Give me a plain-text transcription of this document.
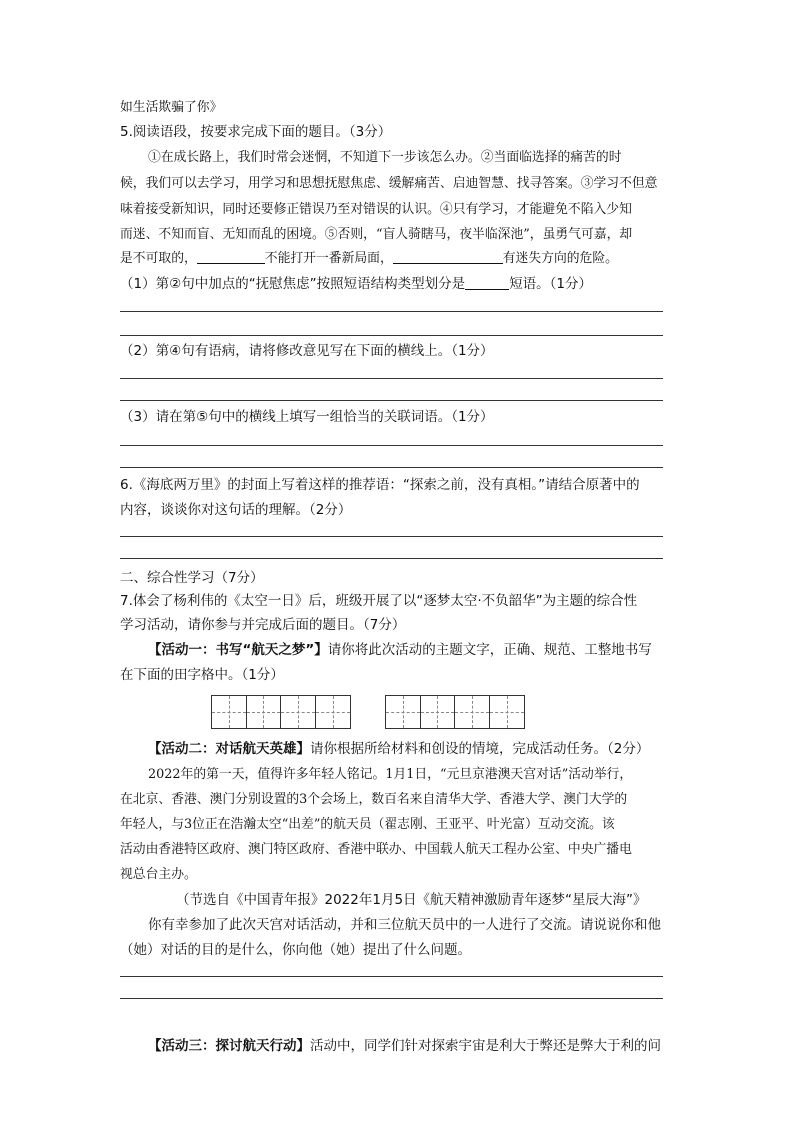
如生活欺骗了你》
5.阅读语段，按要求完成下面的题目。（3分）
①在成长路上，我们时常会迷惘，不知道下一步该怎么办。②当面临选择的痛苦的时
候，我们可以去学习，用学习和思想抚慰焦虑、缓解痛苦、启迪智慧、找寻答案。③学习不但意
味着接受新知识，同时还要修正错误乃至对错误的认识。④只有学习，才能避免不陷入少知
而迷、不知而盲、无知而乱的困境。⑤否则，“盲人骑瞎马，夜半临深池”，虽勇气可嘉，却
是不可取的，	不能打开一番新局面，	有迷失方向的危险。
（1）第②句中加点的“抚慰焦虑”按照短语结构类型划分是	短语。（1分）
（2）第④句有语病，请将修改意见写在下面的横线上。（1分）
（3）请在第⑤句中的横线上填写一组恰当的关联词语。（1分）
6.《海底两万里》的封面上写着这样的推荐语：“探索之前，没有真相。”请结合原著中的
内容，谈谈你对这句话的理解。（2分）
二、综合性学习（7分）
7.体会了杨利伟的《太空一日》后，班级开展了以“逐梦太空·不负韶华”为主题的综合性
学习活动，请你参与并完成后面的题目。（7分）
【活动一：书写“航天之梦”】请你将此次活动的主题文字，正确、规范、工整地书写
在下面的田字格中。（1分）
【活动二：对话航天英雄】请你根据所给材料和创设的情境，完成活动任务。（2分）
2022年的第一天，值得许多年轻人铭记。1月1日，“元旦京港澳天宫对话”活动举行，
在北京、香港、澳门分别设置的3个会场上，数百名来自清华大学、香港大学、澳门大学的
年轻人，与3位正在浩瀚太空“出差”的航天员（翟志刚、王亚平、叶光富）互动交流。该
活动由香港特区政府、澳门特区政府、香港中联办、中国载人航天工程办公室、中央广播电
视总台主办。
（节选自《中国青年报》2022年1月5日《航天精神激励青年逐梦“星辰大海”》
你有幸参加了此次天宫对话活动，并和三位航天员中的一人进行了交流。请说说你和他
（她）对话的目的是什么，你向他（她）提出了什么问题。
【活动三：探讨航天行动】活动中，同学们针对探索宇宙是利大于弊还是弊大于利的问
